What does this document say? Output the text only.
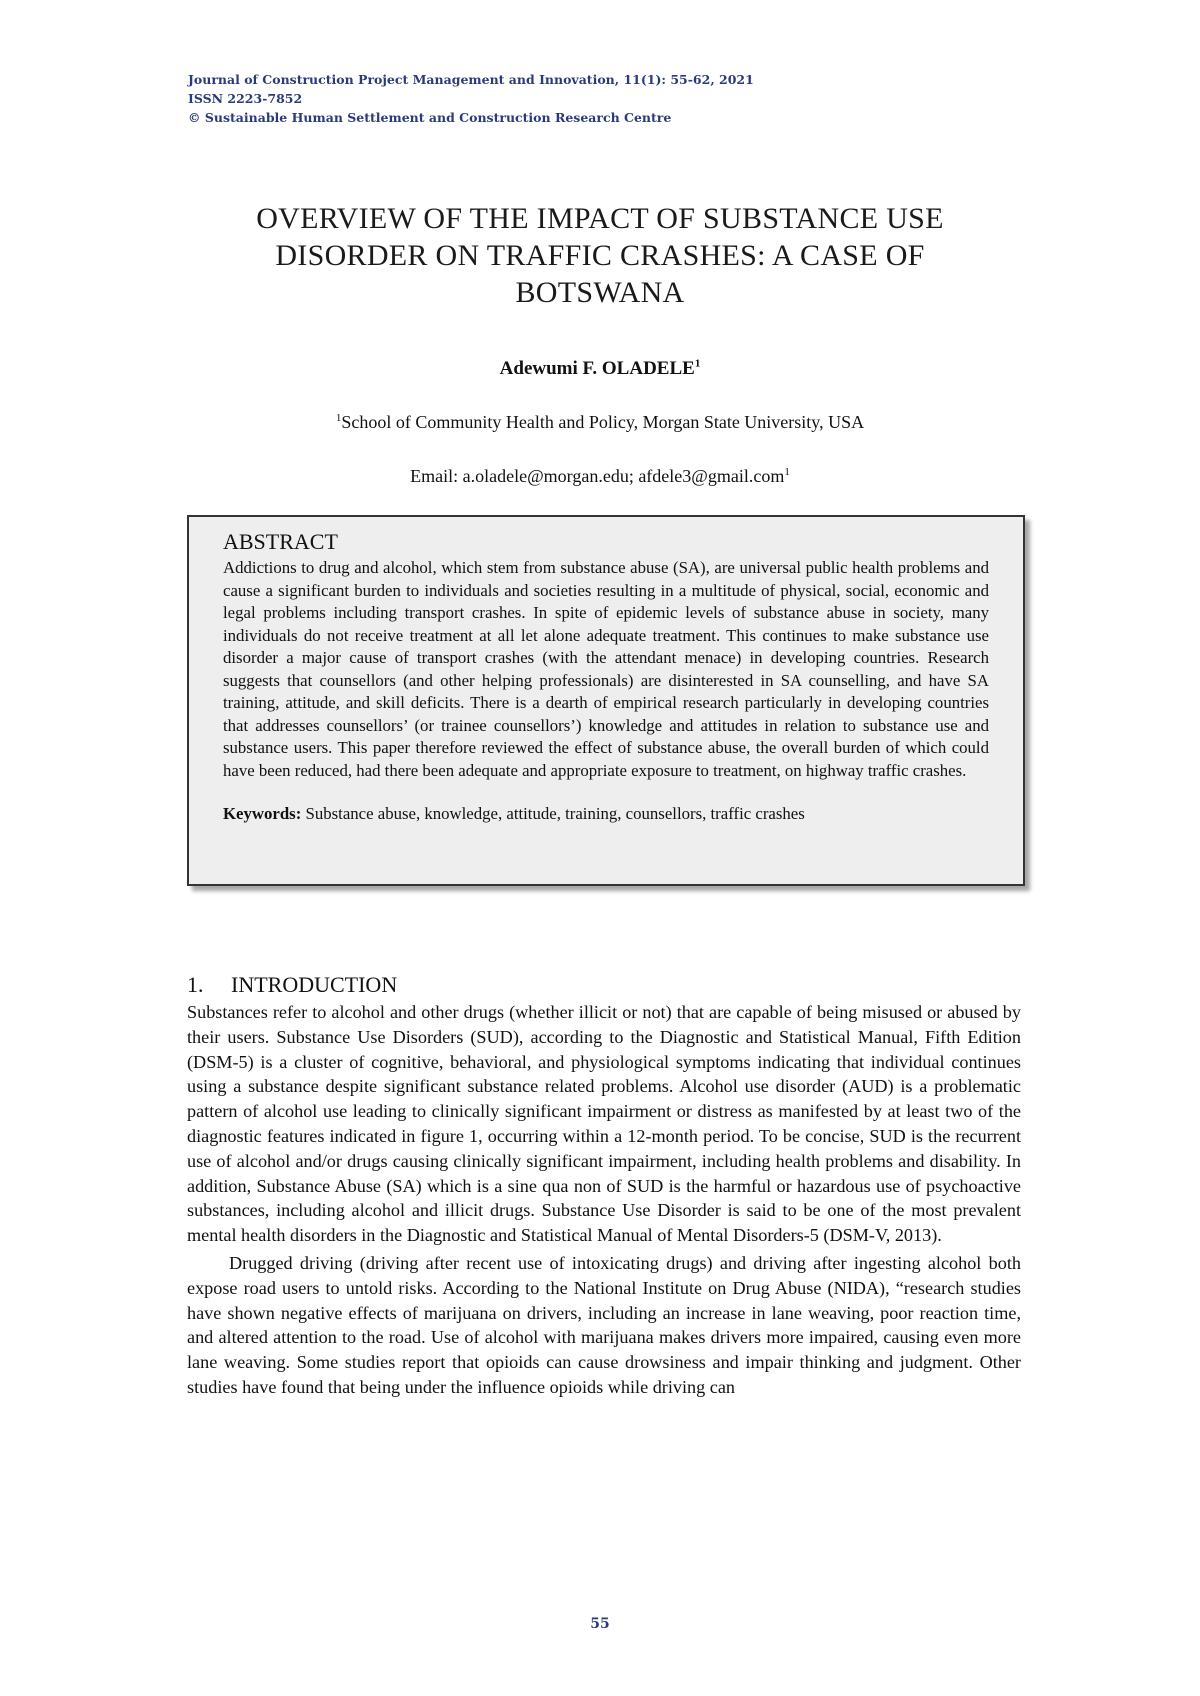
Journal of Construction Project Management and Innovation, 11(1): 55-62, 2021
ISSN 2223-7852
© Sustainable Human Settlement and Construction Research Centre
OVERVIEW OF THE IMPACT OF SUBSTANCE USE
DISORDER ON TRAFFIC CRASHES: A CASE OF
BOTSWANA
Adewumi F. OLADELE$^1$
$^1$School of Community Health and Policy, Morgan State University, USA
Email: a.oladele@morgan.edu; afdele3@gmail.com$^1$
ABSTRACT

Addictions to drug and alcohol, which stem from substance abuse (SA), are universal public health problems and cause a significant burden to individuals and societies resulting in a multitude of physical, social, economic and legal problems including transport crashes. In spite of epidemic levels of substance abuse in society, many individuals do not receive treatment at all let alone adequate treatment. This continues to make substance use disorder a major cause of transport crashes (with the attendant menace) in developing countries. Research suggests that counsellors (and other helping professionals) are disinterested in SA counselling, and have SA training, attitude, and skill deficits. There is a dearth of empirical research particularly in developing countries that addresses counsellors’ (or trainee counsellors’) knowledge and attitudes in relation to substance use and substance users. This paper therefore reviewed the effect of substance abuse, the overall burden of which could have been reduced, had there been adequate and appropriate exposure to treatment, on highway traffic crashes.

Keywords: Substance abuse, knowledge, attitude, training, counsellors, traffic crashes
1. INTRODUCTION

Substances refer to alcohol and other drugs (whether illicit or not) that are capable of being misused or abused by their users. Substance Use Disorders (SUD), according to the Diagnostic and Statistical Manual, Fifth Edition (DSM-5) is a cluster of cognitive, behavioral, and physiological symptoms indicating that individual continues using a substance despite significant substance related problems. Alcohol use disorder (AUD) is a problematic pattern of alcohol use leading to clinically significant impairment or distress as manifested by at least two of the diagnostic features indicated in figure 1, occurring within a 12-month period. To be concise, SUD is the recurrent use of alcohol and/or drugs causing clinically significant impairment, including health problems and disability. In addition, Substance Abuse (SA) which is a sine qua non of SUD is the harmful or hazardous use of psychoactive substances, including alcohol and illicit drugs. Substance Use Disorder is said to be one of the most prevalent mental health disorders in the Diagnostic and Statistical Manual of Mental Disorders-5 (DSM-V, 2013).

Drugged driving (driving after recent use of intoxicating drugs) and driving after ingesting alcohol both expose road users to untold risks. According to the National Institute on Drug Abuse (NIDA), “research studies have shown negative effects of marijuana on drivers, including an increase in lane weaving, poor reaction time, and altered attention to the road. Use of alcohol with marijuana makes drivers more impaired, causing even more lane weaving. Some studies report that opioids can cause drowsiness and impair thinking and judgment. Other studies have found that being under the influence opioids while driving can

55
